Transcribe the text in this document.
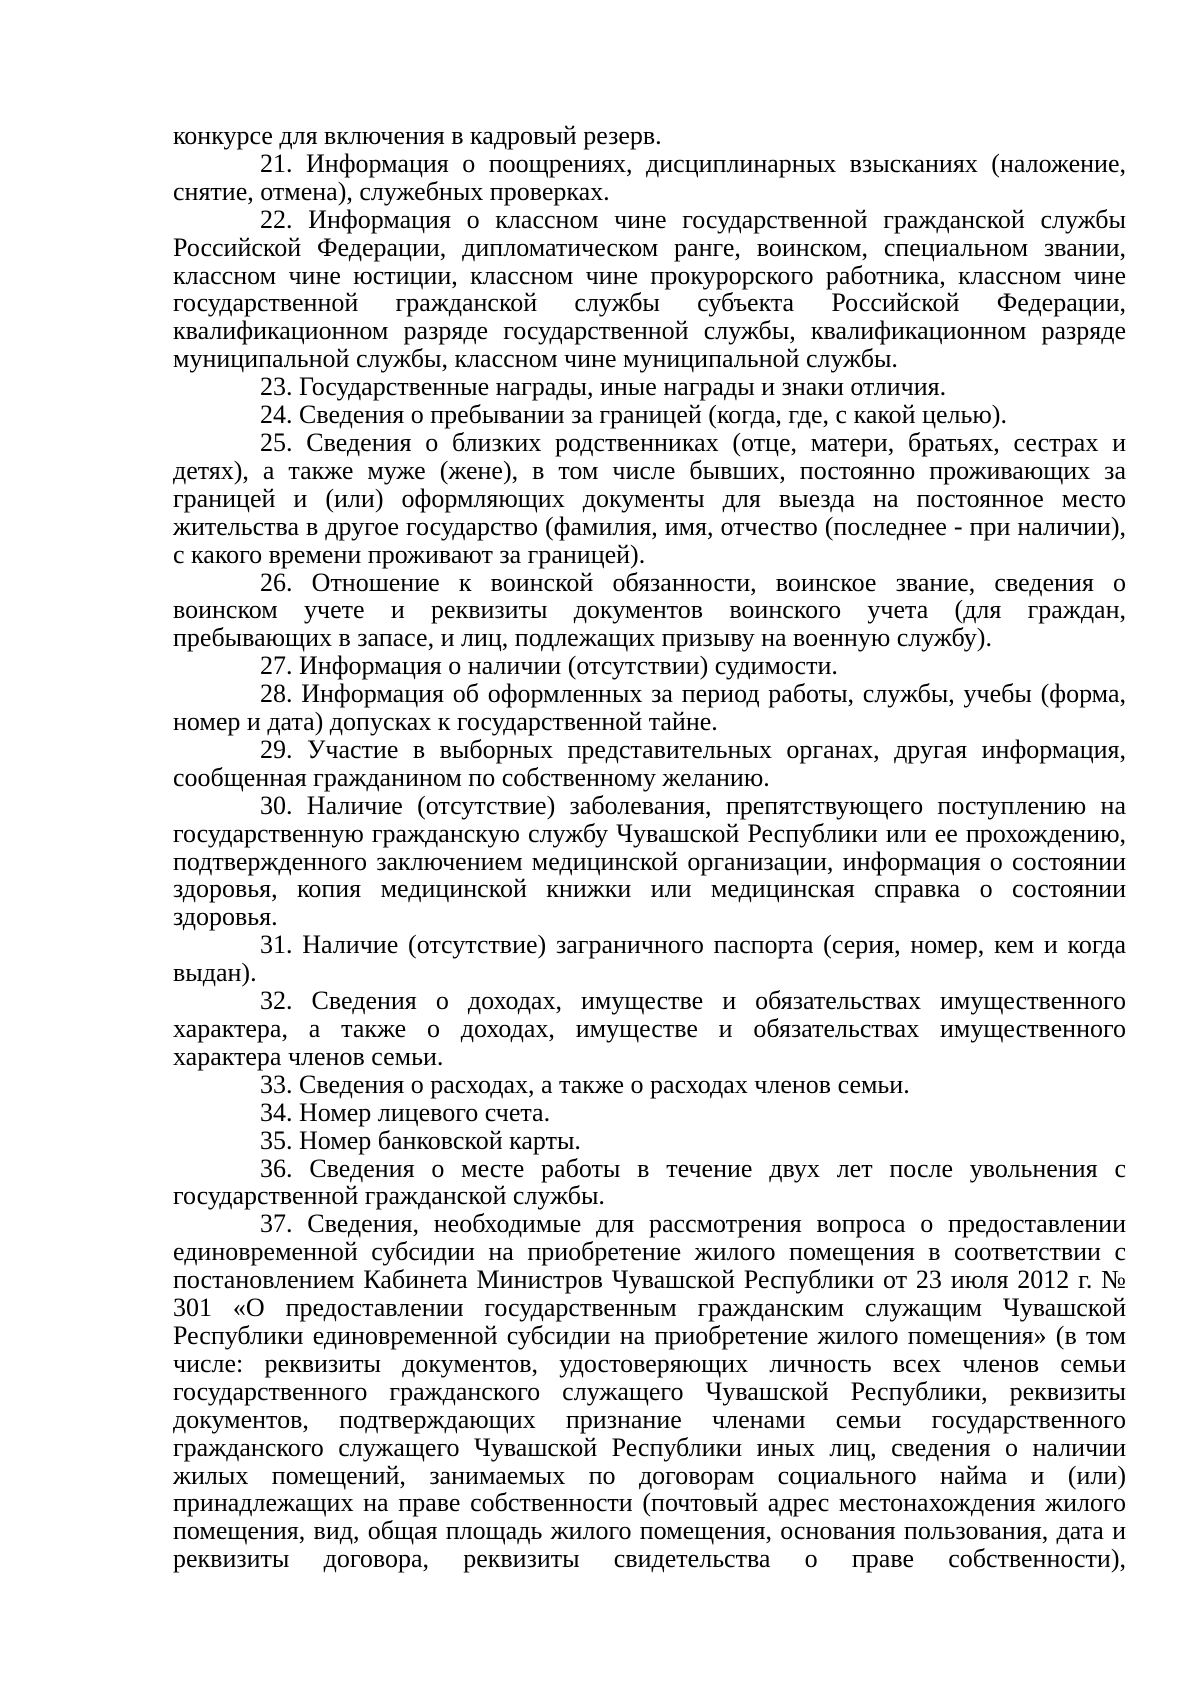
конкурсе для включения в кадровый резерв.

21. Информация о поощрениях, дисциплинарных взысканиях (наложение, снятие, отмена), служебных проверках.

22. Информация о классном чине государственной гражданской службы Российской Федерации, дипломатическом ранге, воинском, специальном звании, классном чине юстиции, классном чине прокурорского работника, классном чине государственной гражданской службы субъекта Российской Федерации, квалификационном разряде государственной службы, квалификационном разряде муниципальной службы, классном чине муниципальной службы.

23. Государственные награды, иные награды и знаки отличия.

24. Сведения о пребывании за границей (когда, где, с какой целью).

25. Сведения о близких родственниках (отце, матери, братьях, сестрах и детях), а также муже (жене), в том числе бывших, постоянно проживающих за границей и (или) оформляющих документы для выезда на постоянное место жительства в другое государство (фамилия, имя, отчество (последнее - при наличии), с какого времени проживают за границей).

26. Отношение к воинской обязанности, воинское звание, сведения о воинском учете и реквизиты документов воинского учета (для граждан, пребывающих в запасе, и лиц, подлежащих призыву на военную службу).

27. Информация о наличии (отсутствии) судимости.

28. Информация об оформленных за период работы, службы, учебы (форма, номер и дата) допусках к государственной тайне.

29. Участие в выборных представительных органах, другая информация, сообщенная гражданином по собственному желанию.

30. Наличие (отсутствие) заболевания, препятствующего поступлению на государственную гражданскую службу Чувашской Республики или ее прохождению, подтвержденного заключением медицинской организации, информация о состоянии здоровья, копия медицинской книжки или медицинская справка о состоянии здоровья.

31. Наличие (отсутствие) заграничного паспорта (серия, номер, кем и когда выдан).

32. Сведения о доходах, имуществе и обязательствах имущественного характера, а также о доходах, имуществе и обязательствах имущественного характера членов семьи.

33. Сведения о расходах, а также о расходах членов семьи.

34. Номер лицевого счета.

35. Номер банковской карты.

36. Сведения о месте работы в течение двух лет после увольнения с государственной гражданской службы.

37. Сведения, необходимые для рассмотрения вопроса о предоставлении единовременной субсидии на приобретение жилого помещения в соответствии с постановлением Кабинета Министров Чувашской Республики от 23 июля 2012 г. № 301 «О предоставлении государственным гражданским служащим Чувашской Республики единовременной субсидии на приобретение жилого помещения» (в том числе: реквизиты документов, удостоверяющих личность всех членов семьи государственного гражданского служащего Чувашской Республики, реквизиты документов, подтверждающих признание членами семьи государственного гражданского служащего Чувашской Республики иных лиц, сведения о наличии жилых помещений, занимаемых по договорам социального найма и (или) принадлежащих на праве собственности (почтовый адрес местонахождения жилого помещения, вид, общая площадь жилого помещения, основания пользования, дата и реквизиты договора, реквизиты свидетельства о праве собственности),
